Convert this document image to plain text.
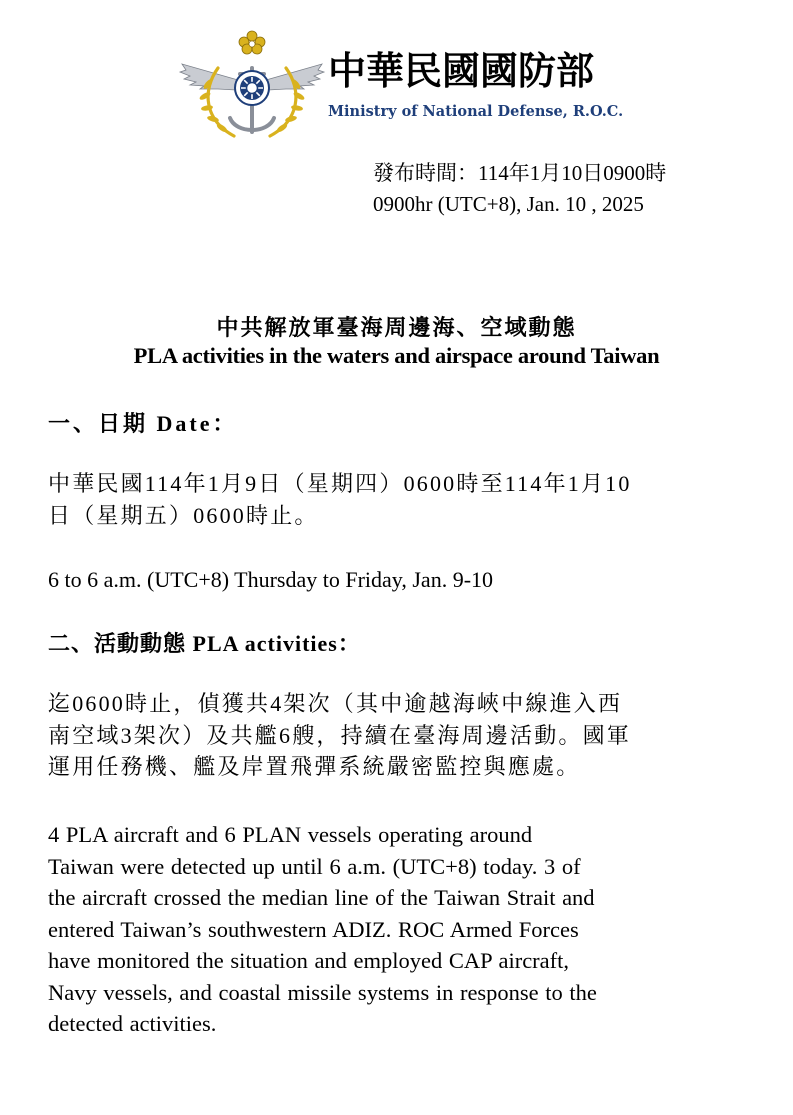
中華民國國防部
Ministry of National Defense, R.O.C.
發布時間：114年1月10日0900時
0900hr (UTC+8), Jan. 10 , 2025
中共解放軍臺海周邊海、空域動態
PLA activities in the waters and airspace around Taiwan
一、日期 Date：
中華民國114年1月9日（星期四）0600時至114年1月10
日（星期五）0600時止。
6 to 6 a.m. (UTC+8) Thursday to Friday, Jan. 9-10
二、活動動態 PLA activities：
迄0600時止，偵獲共4架次（其中逾越海峽中線進入西
南空域3架次）及共艦6艘，持續在臺海周邊活動。國軍
運用任務機、艦及岸置飛彈系統嚴密監控與應處。
4 PLA aircraft and 6 PLAN vessels operating around
Taiwan were detected up until 6 a.m. (UTC+8) today. 3 of
the aircraft crossed the median line of the Taiwan Strait and
entered Taiwan’s southwestern ADIZ. ROC Armed Forces
have monitored the situation and employed CAP aircraft,
Navy vessels, and coastal missile systems in response to the
detected activities.
